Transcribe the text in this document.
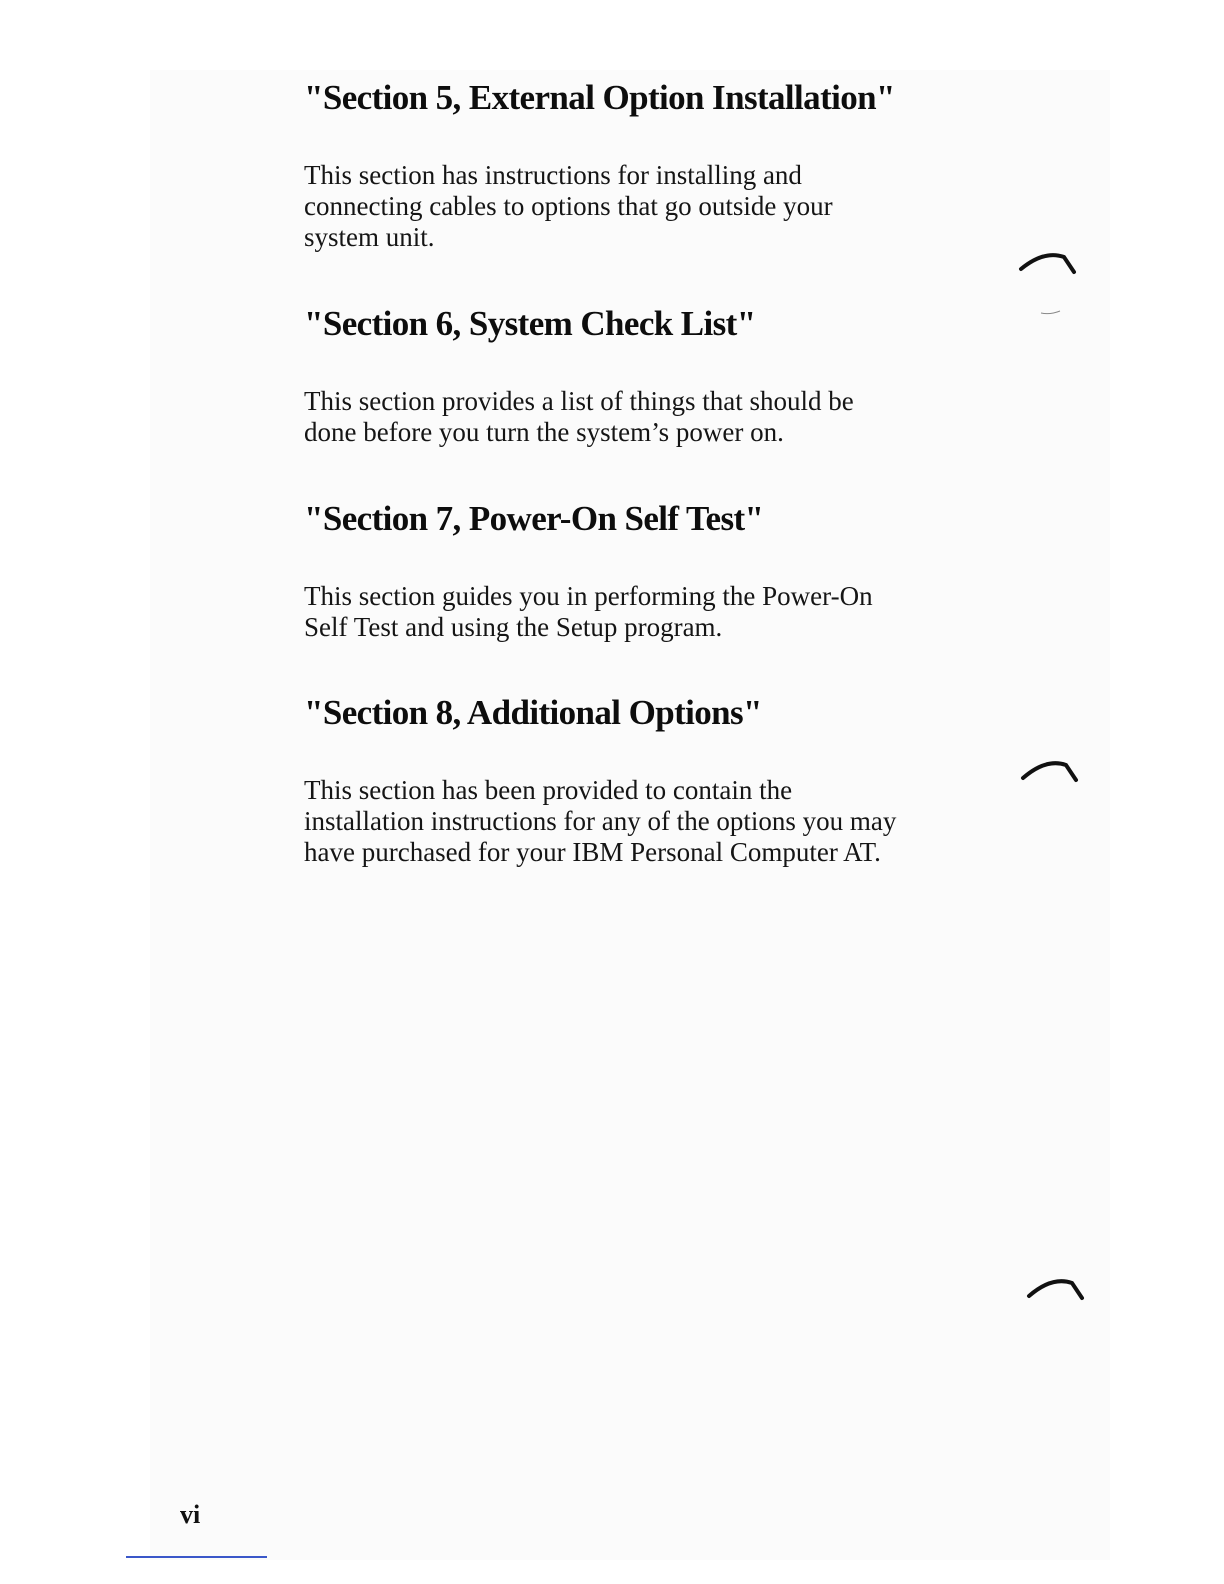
"Section 5, External Option Installation"

This section has instructions for installing and
connecting cables to options that go outside your
system unit.

"Section 6, System Check List"

This section provides a list of things that should be
done before you turn the system’s power on.

"Section 7, Power-On Self Test"

This section guides you in performing the Power-On
Self Test and using the Setup program.

"Section 8, Additional Options"

This section has been provided to contain the
installation instructions for any of the options you may
have purchased for your IBM Personal Computer AT.

vi
